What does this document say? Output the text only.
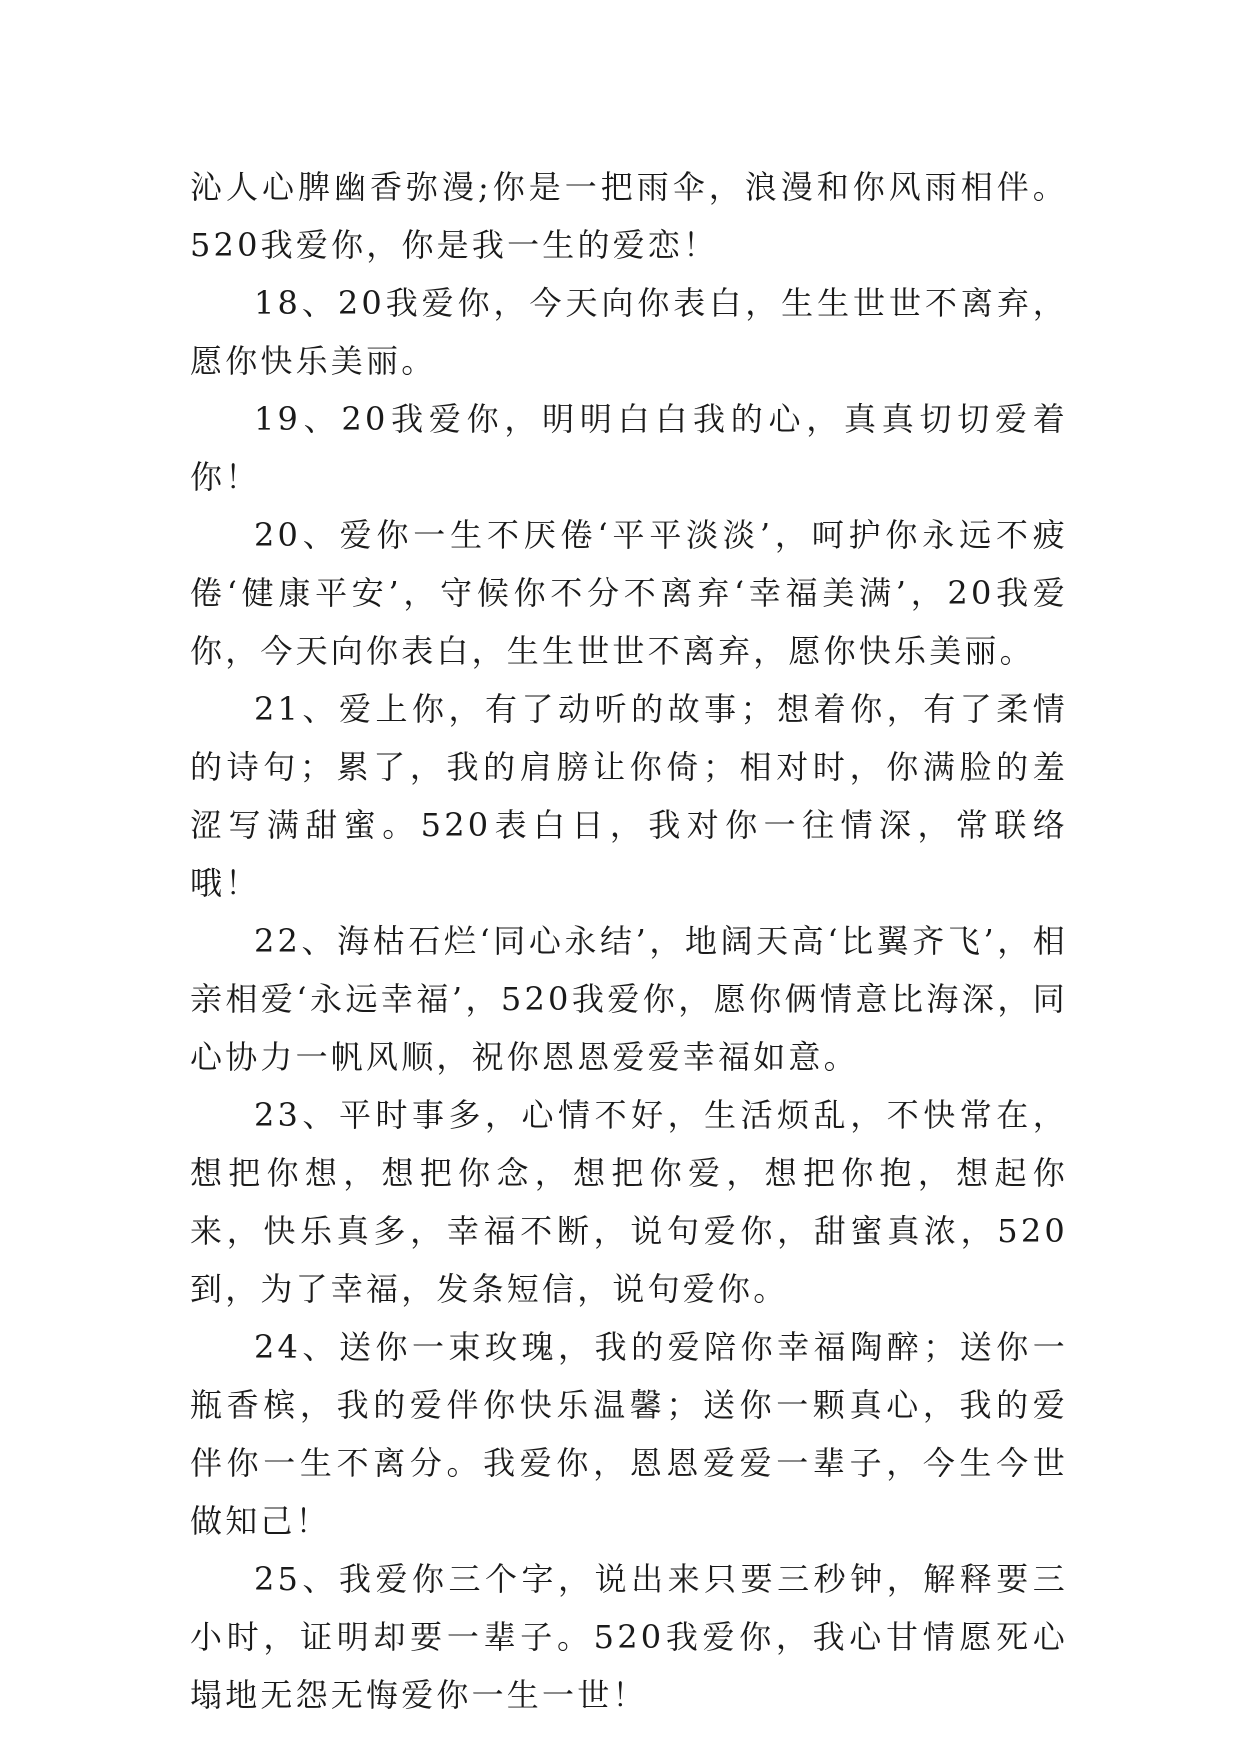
沁人心脾幽香弥漫;你是一把雨伞，浪漫和你风雨相伴。520我爱你，你是我一生的爱恋！

18、20我爱你，今天向你表白，生生世世不离弃，愿你快乐美丽。

19、20我爱你，明明白白我的心，真真切切爱着你！

20、爱你一生不厌倦‘平平淡淡’，呵护你永远不疲倦‘健康平安’，守候你不分不离弃‘幸福美满’，20我爱你，今天向你表白，生生世世不离弃，愿你快乐美丽。

21、爱上你，有了动听的故事；想着你，有了柔情的诗句；累了，我的肩膀让你倚；相对时，你满脸的羞涩写满甜蜜。520表白日，我对你一往情深，常联络哦！

22、海枯石烂‘同心永结’，地阔天高‘比翼齐飞’，相亲相爱‘永远幸福’，520我爱你，愿你俩情意比海深，同心协力一帆风顺，祝你恩恩爱爱幸福如意。

23、平时事多，心情不好，生活烦乱，不快常在，想把你想，想把你念，想把你爱，想把你抱，想起你来，快乐真多，幸福不断，说句爱你，甜蜜真浓，520到，为了幸福，发条短信，说句爱你。

24、送你一束玫瑰，我的爱陪你幸福陶醉；送你一瓶香槟，我的爱伴你快乐温馨；送你一颗真心，我的爱伴你一生不离分。我爱你，恩恩爱爱一辈子，今生今世做知己！

25、我爱你三个字，说出来只要三秒钟，解释要三小时，证明却要一辈子。520我爱你，我心甘情愿死心塌地无怨无悔爱你一生一世！
